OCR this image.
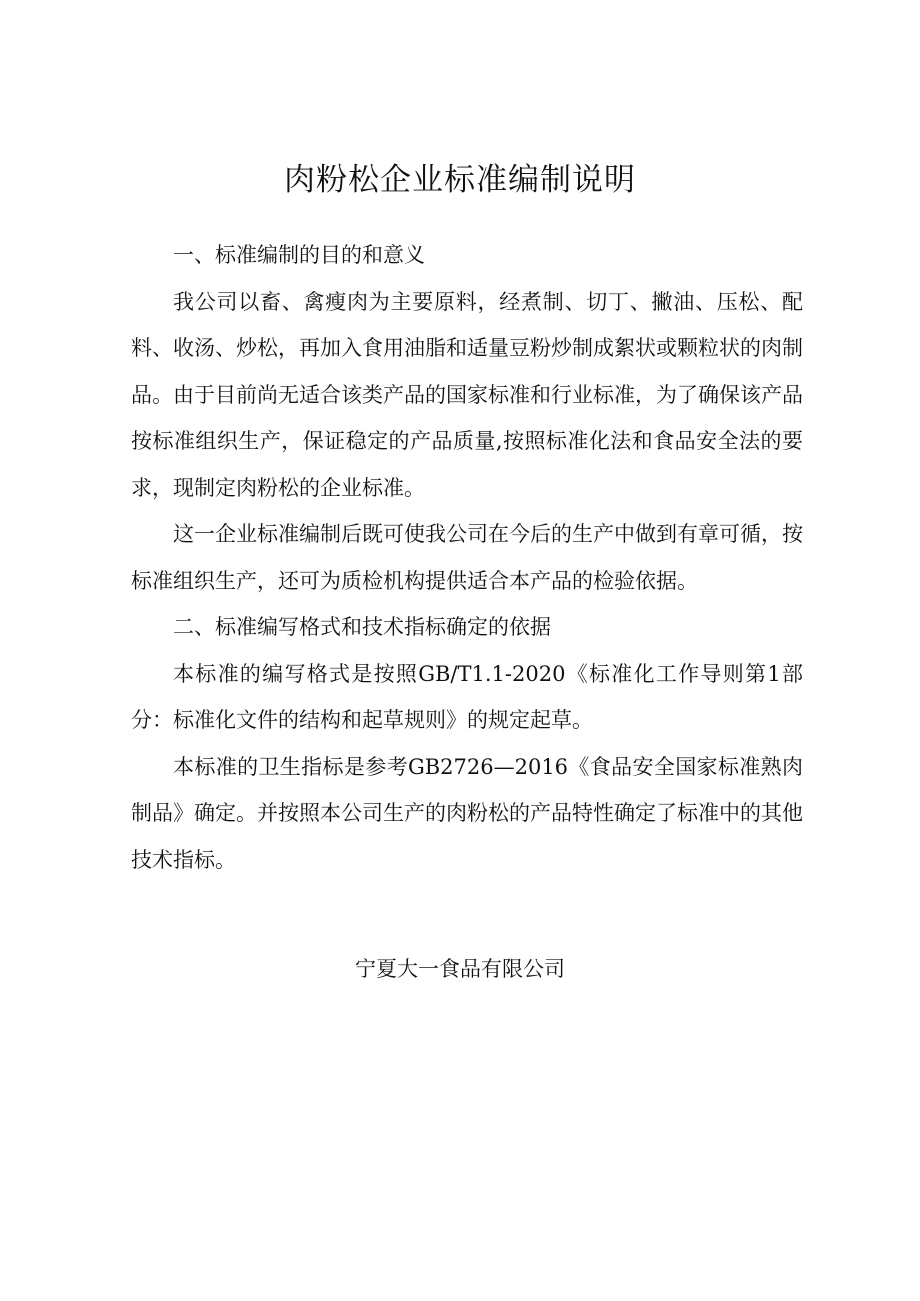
肉粉松企业标准编制说明

一、标准编制的目的和意义

我公司以畜、禽瘦肉为主要原料，经煮制、切丁、撇油、压松、配料、收汤、炒松，再加入食用油脂和适量豆粉炒制成絮状或颗粒状的肉制品。由于目前尚无适合该类产品的国家标准和行业标准，为了确保该产品按标准组织生产，保证稳定的产品质量,按照标准化法和食品安全法的要求，现制定肉粉松的企业标准。

这一企业标准编制后既可使我公司在今后的生产中做到有章可循，按标准组织生产，还可为质检机构提供适合本产品的检验依据。

二、标准编写格式和技术指标确定的依据

本标准的编写格式是按照GB/T1.1-2020《标准化工作导则第1部分：标准化文件的结构和起草规则》的规定起草。

本标准的卫生指标是参考GB2726—2016《食品安全国家标准熟肉制品》确定。并按照本公司生产的肉粉松的产品特性确定了标准中的其他技术指标。

宁夏大一食品有限公司
